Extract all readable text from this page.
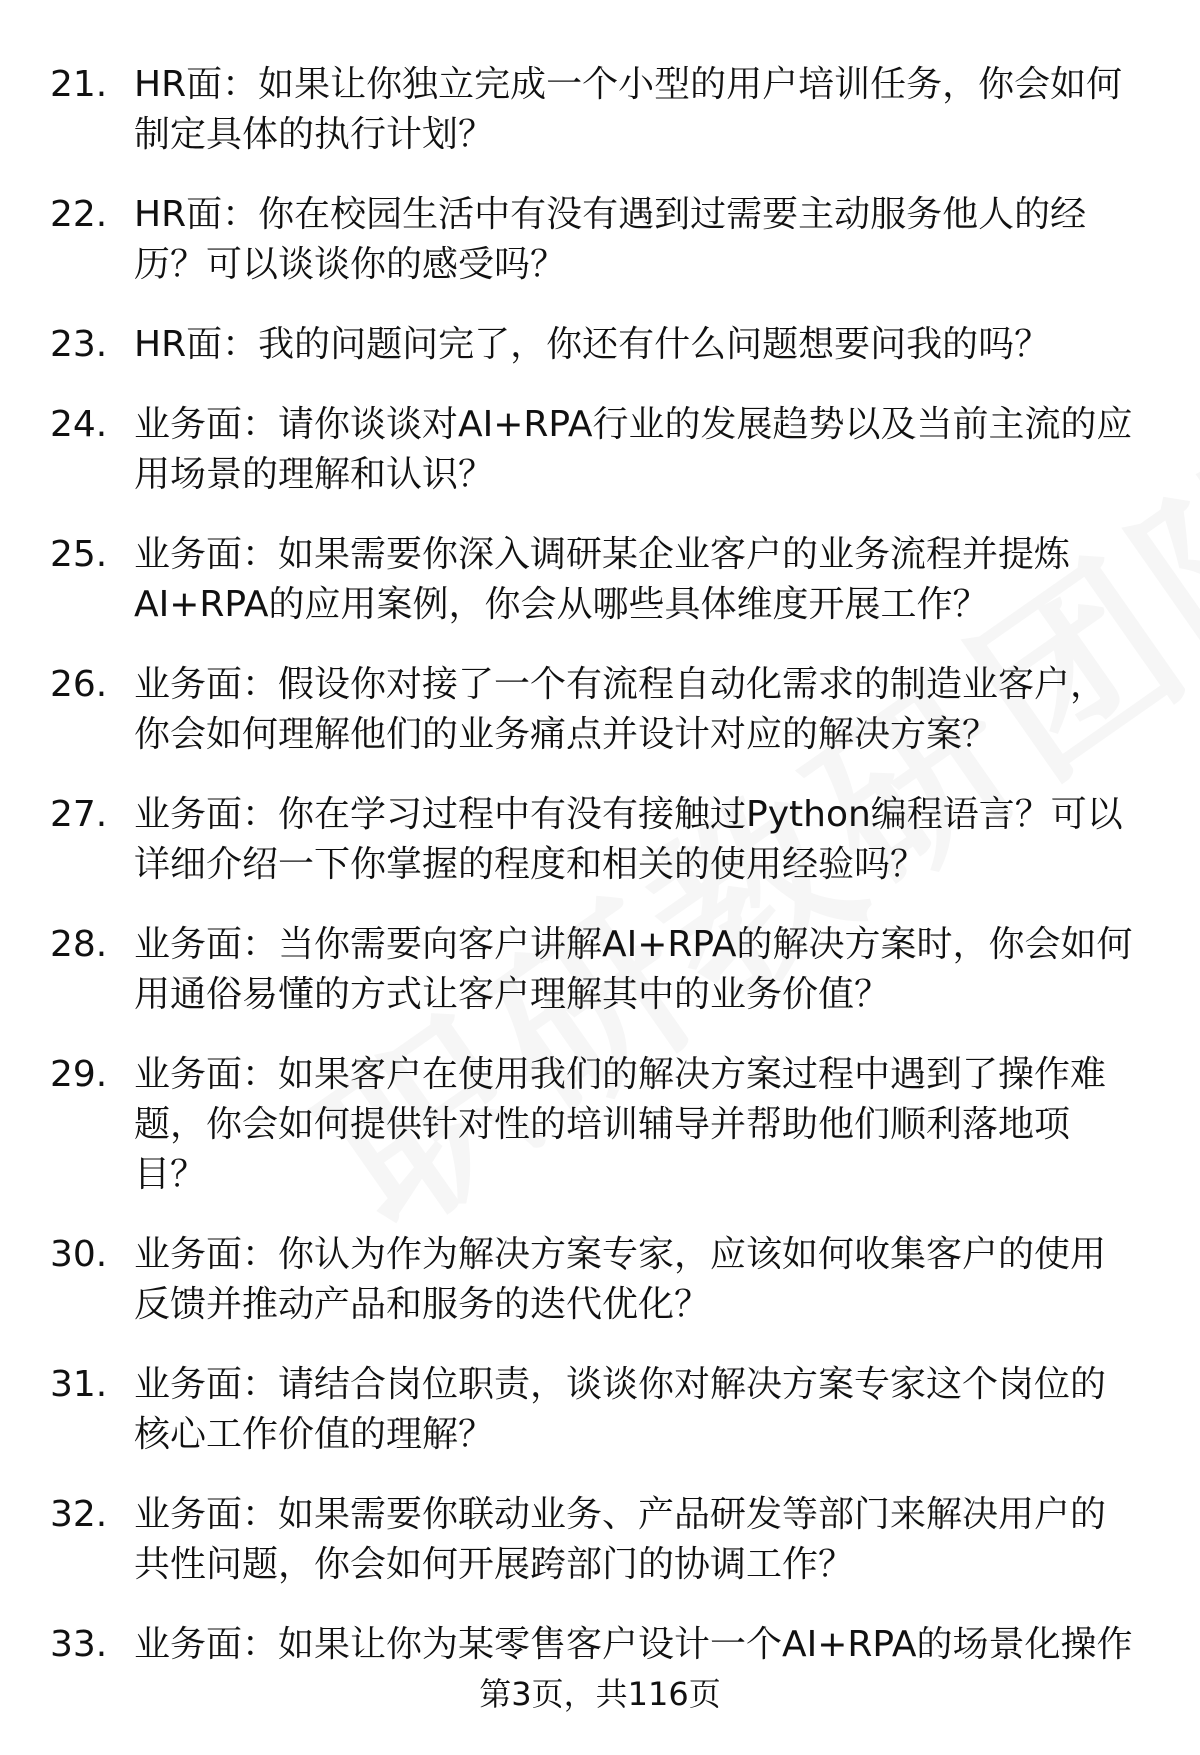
21. HR面：如果让你独立完成一个小型的用户培训任务，你会如何制定具体的执行计划？
22. HR面：你在校园生活中有没有遇到过需要主动服务他人的经历？可以谈谈你的感受吗？
23. HR面：我的问题问完了，你还有什么问题想要问我的吗？
24. 业务面：请你谈谈对AI+RPA行业的发展趋势以及当前主流的应用场景的理解和认识？
25. 业务面：如果需要你深入调研某企业客户的业务流程并提炼AI+RPA的应用案例，你会从哪些具体维度开展工作？
26. 业务面：假设你对接了一个有流程自动化需求的制造业客户，你会如何理解他们的业务痛点并设计对应的解决方案？
27. 业务面：你在学习过程中有没有接触过Python编程语言？可以详细介绍一下你掌握的程度和相关的使用经验吗？
28. 业务面：当你需要向客户讲解AI+RPA的解决方案时，你会如何用通俗易懂的方式让客户理解其中的业务价值？
29. 业务面：如果客户在使用我们的解决方案过程中遇到了操作难题，你会如何提供针对性的培训辅导并帮助他们顺利落地项目？
30. 业务面：你认为作为解决方案专家，应该如何收集客户的使用反馈并推动产品和服务的迭代优化？
31. 业务面：请结合岗位职责，谈谈你对解决方案专家这个岗位的核心工作价值的理解？
32. 业务面：如果需要你联动业务、产品研发等部门来解决用户的共性问题，你会如何开展跨部门的协调工作？
33. 业务面：如果让你为某零售客户设计一个AI+RPA的场景化操作
第3页，共116页
